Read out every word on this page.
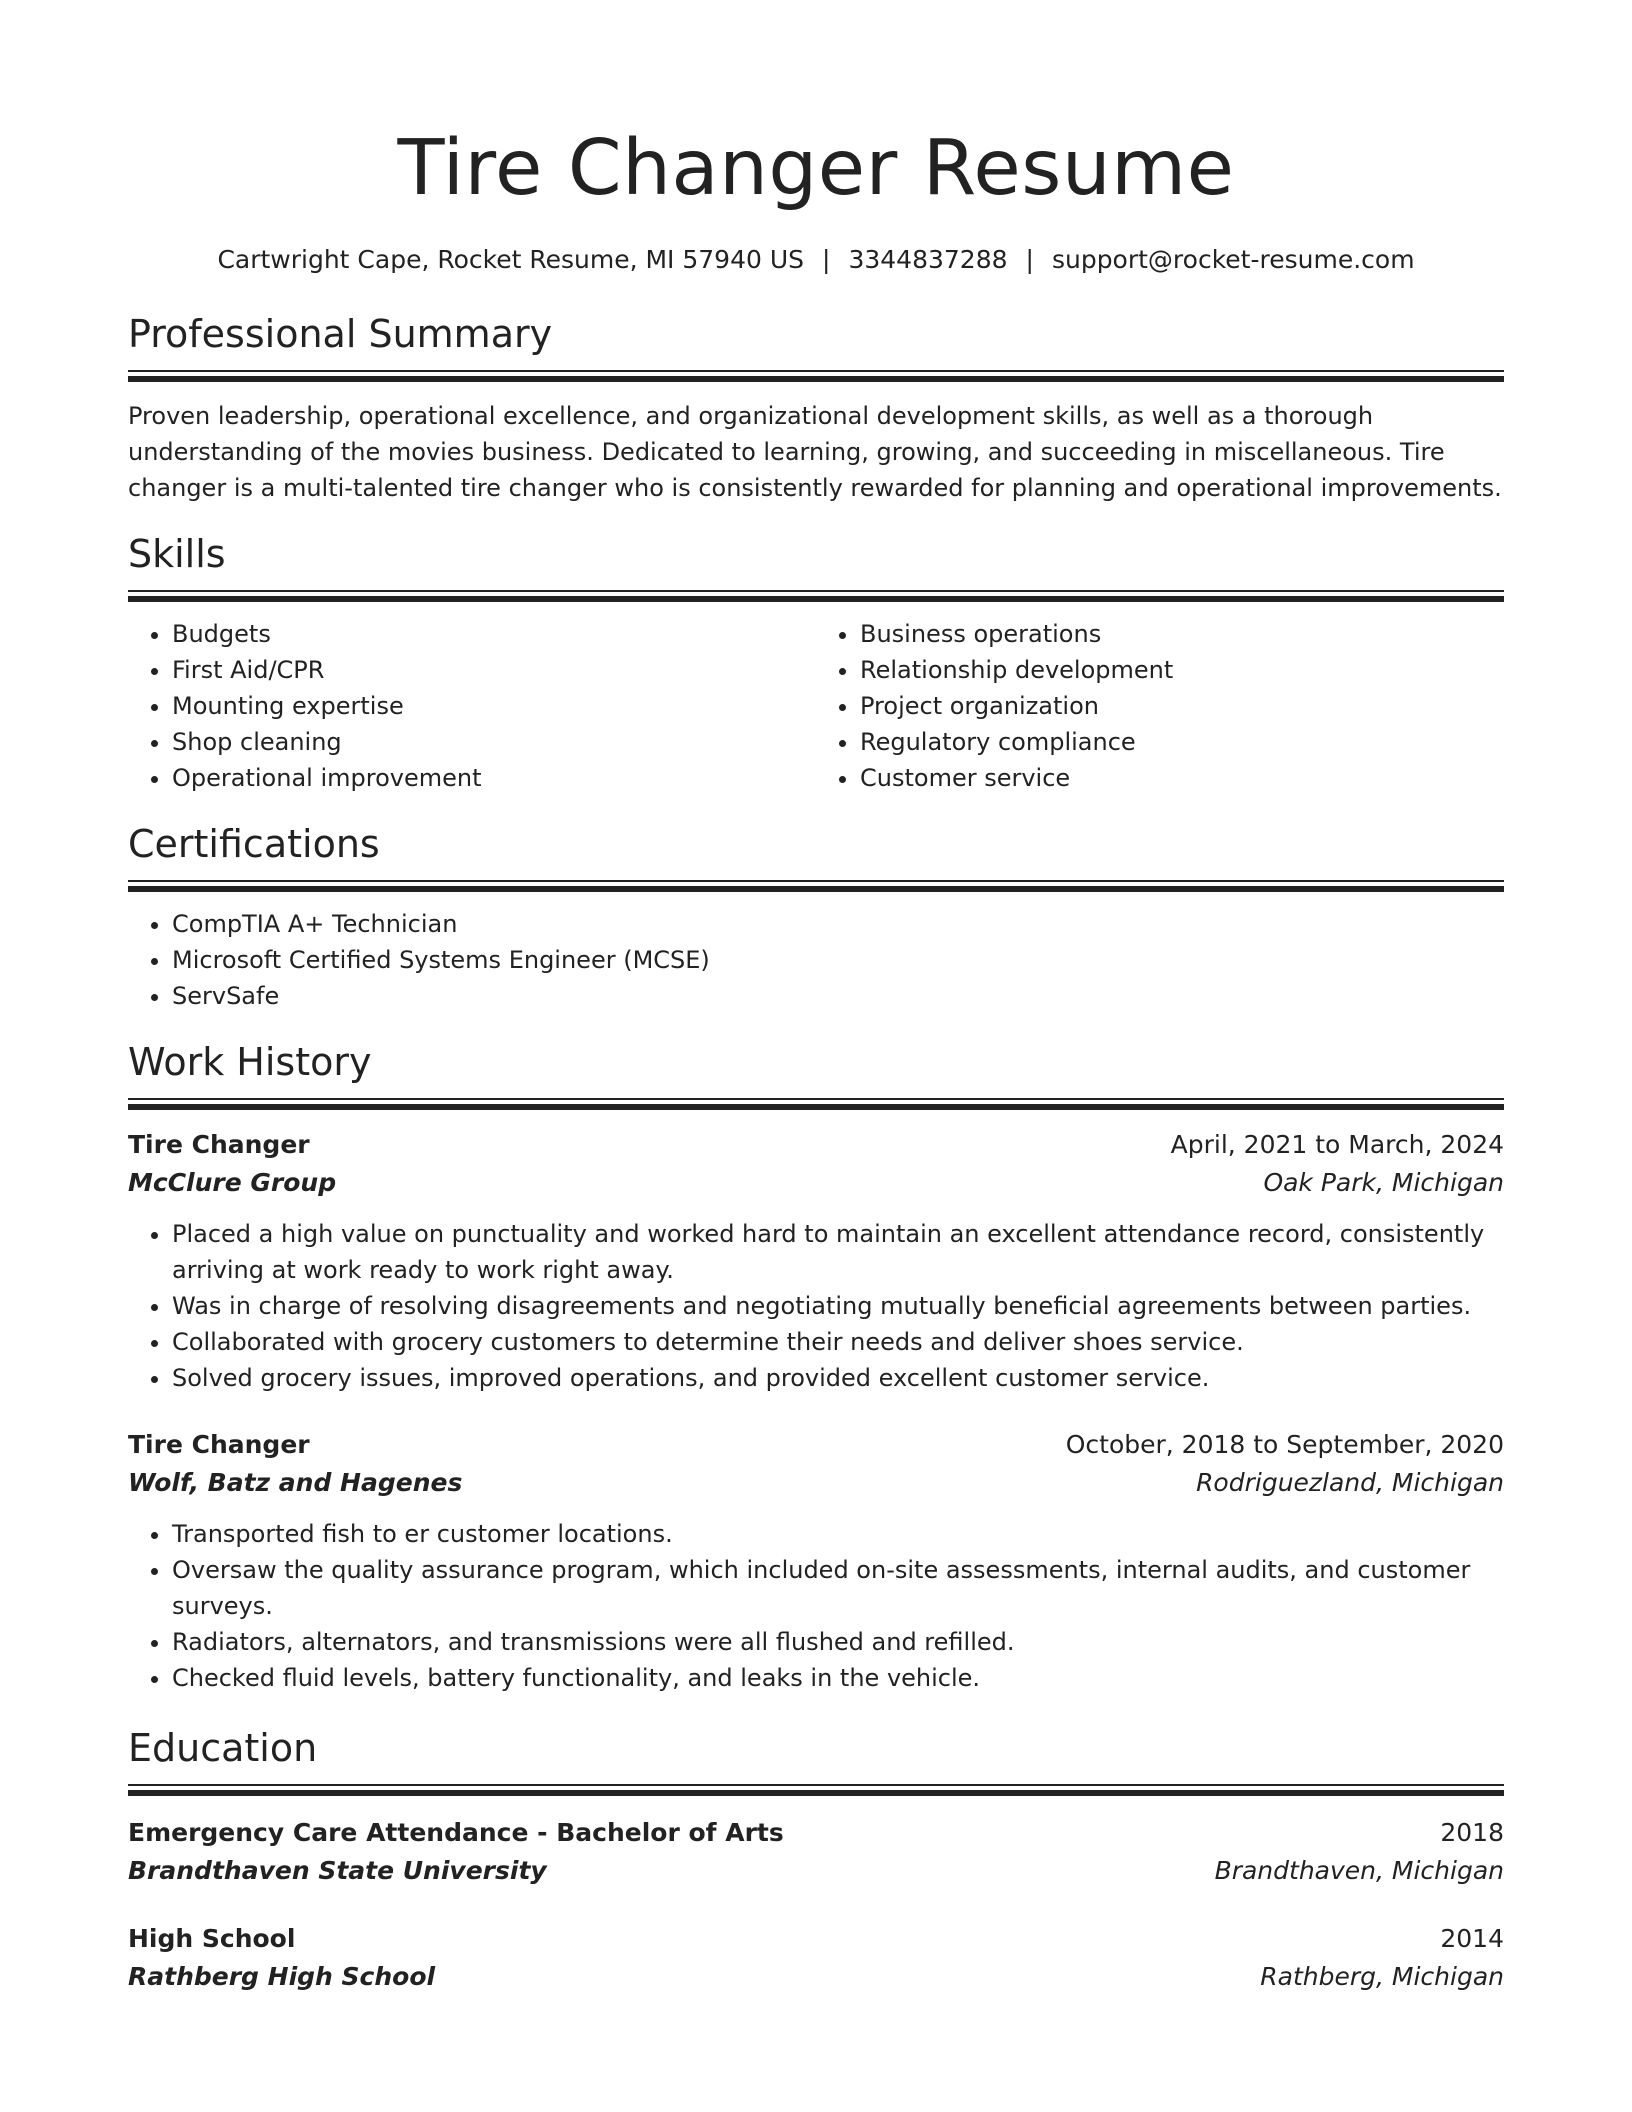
Tire Changer Resume
Cartwright Cape, Rocket Resume, MI 57940 US | 3344837288 | support@rocket-resume.com
Professional Summary

Proven leadership, operational excellence, and organizational development skills, as well as a thorough understanding of the movies business. Dedicated to learning, growing, and succeeding in miscellaneous. Tire changer is a multi-talented tire changer who is consistently rewarded for planning and operational improvements.

Skills
• Budgets
• First Aid/CPR
• Mounting expertise
• Shop cleaning
• Operational improvement
• Business operations
• Relationship development
• Project organization
• Regulatory compliance
• Customer service
Certifications
• CompTIA A+ Technician
• Microsoft Certified Systems Engineer (MCSE)
• ServSafe
Work History
Tire Changer	April, 2021 to March, 2024
McClure Group	Oak Park, Michigan
• Placed a high value on punctuality and worked hard to maintain an excellent attendance record, consistently arriving at work ready to work right away.
• Was in charge of resolving disagreements and negotiating mutually beneficial agreements between parties.
• Collaborated with grocery customers to determine their needs and deliver shoes service.
• Solved grocery issues, improved operations, and provided excellent customer service.
Tire Changer	October, 2018 to September, 2020
Wolf, Batz and Hagenes	Rodriguezland, Michigan
• Transported fish to er customer locations.
• Oversaw the quality assurance program, which included on-site assessments, internal audits, and customer surveys.
• Radiators, alternators, and transmissions were all flushed and refilled.
• Checked fluid levels, battery functionality, and leaks in the vehicle.
Education
Emergency Care Attendance - Bachelor of Arts	2018
Brandthaven State University	Brandthaven, Michigan
High School	2014
Rathberg High School	Rathberg, Michigan
